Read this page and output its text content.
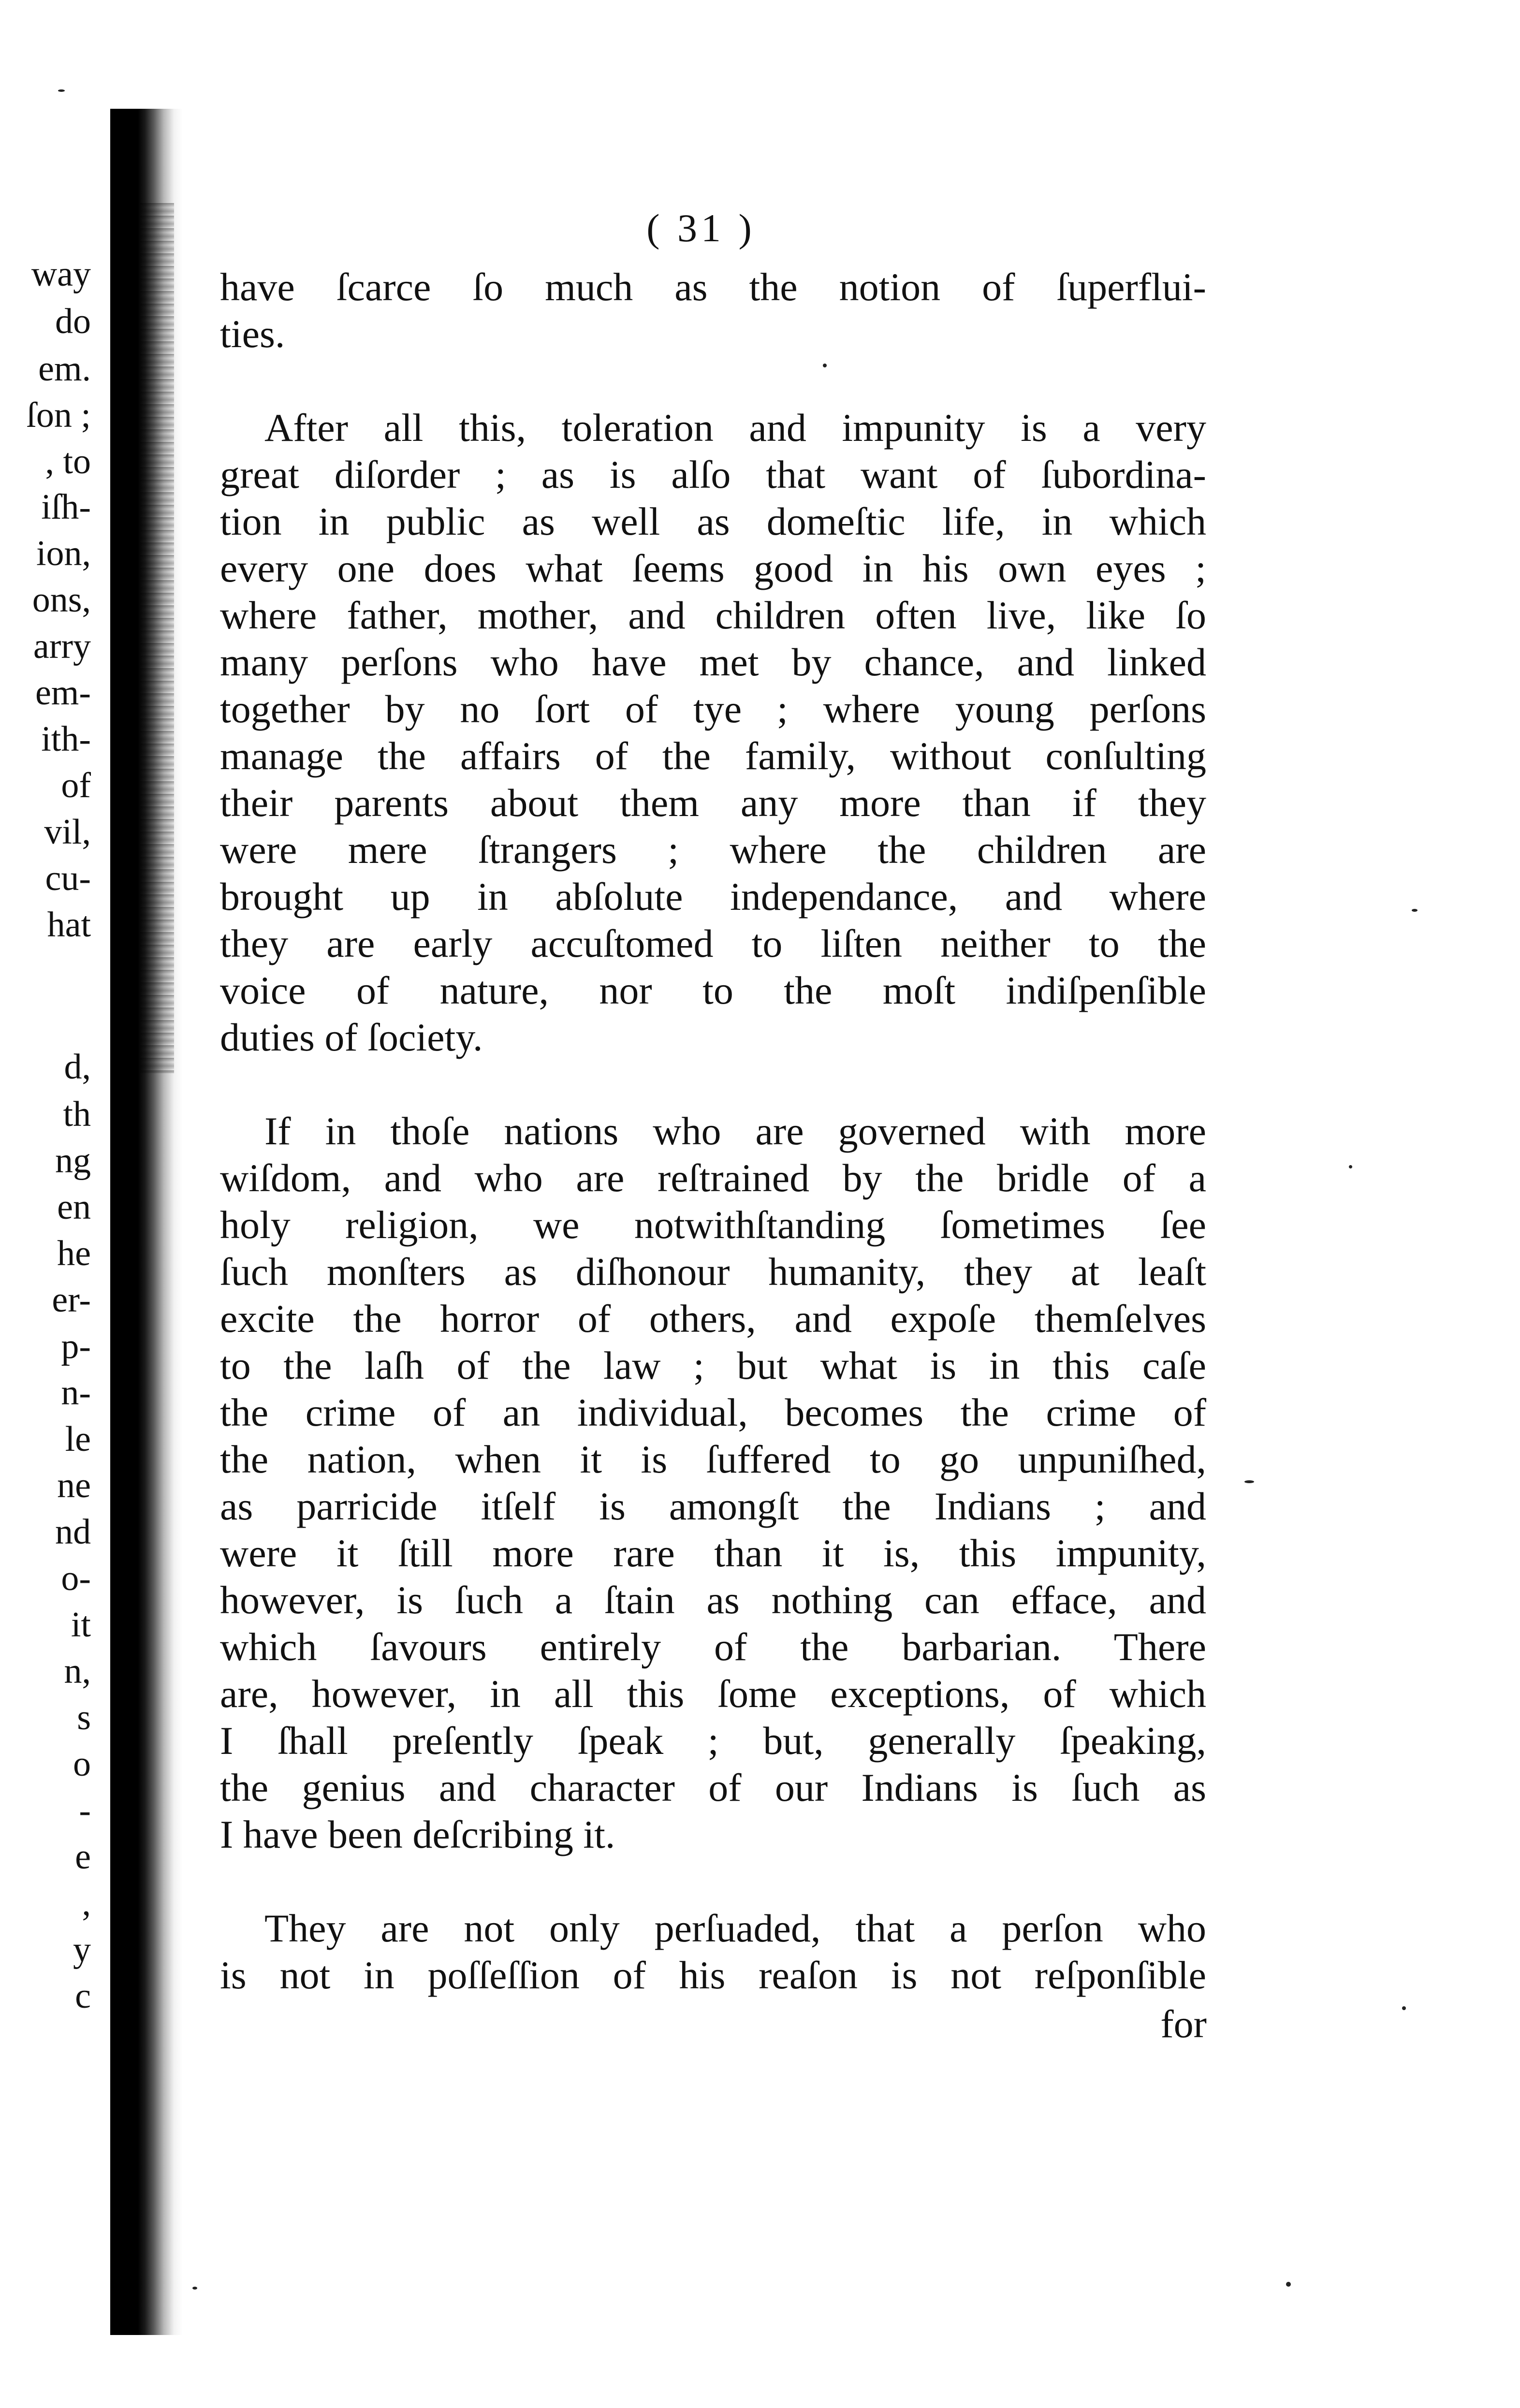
way
do
em.
ſon ;
, to
iſh-
ion,
ons,
arry
em-
ith-
of
vil,
cu-
hat
d,
th
ng
en
he
er-
p-
n-
le
ne
nd
o-
it
n,
s
o
-
e
,
y
c
( 31 )
have ſcarce ſo much as the notion of ſuperflui-
ties.
After all this, toleration and impunity is a very
great diſorder ; as is alſo that want of ſubordina-
tion in public as well as domeſtic life, in which
every one does what ſeems good in his own eyes ;
where father, mother, and children often live, like ſo
many perſons who have met by chance, and linked
together by no ſort of tye ; where young perſons
manage the affairs of the family, without conſulting
their parents about them any more than if they
were mere ſtrangers ; where the children are
brought up in abſolute independance, and where
they are early accuſtomed to liſten neither to the
voice of nature, nor to the moſt indiſpenſible
duties of ſociety.
If in thoſe nations who are governed with more
wiſdom, and who are reſtrained by the bridle of a
holy religion, we notwithſtanding ſometimes ſee
ſuch monſters as diſhonour humanity, they at leaſt
excite the horror of others, and expoſe themſelves
to the laſh of the law ; but what is in this caſe
the crime of an individual, becomes the crime of
the nation, when it is ſuffered to go unpuniſhed,
as parricide itſelf is amongſt the Indians ; and
were it ſtill more rare than it is, this impunity,
however, is ſuch a ſtain as nothing can efface, and
which ſavours entirely of the barbarian. There
are, however, in all this ſome exceptions, of which
I ſhall preſently ſpeak ; but, generally ſpeaking,
the genius and character of our Indians is ſuch as
I have been deſcribing it.
They are not only perſuaded, that a perſon who
is not in poſſeſſion of his reaſon is not reſponſible
for
